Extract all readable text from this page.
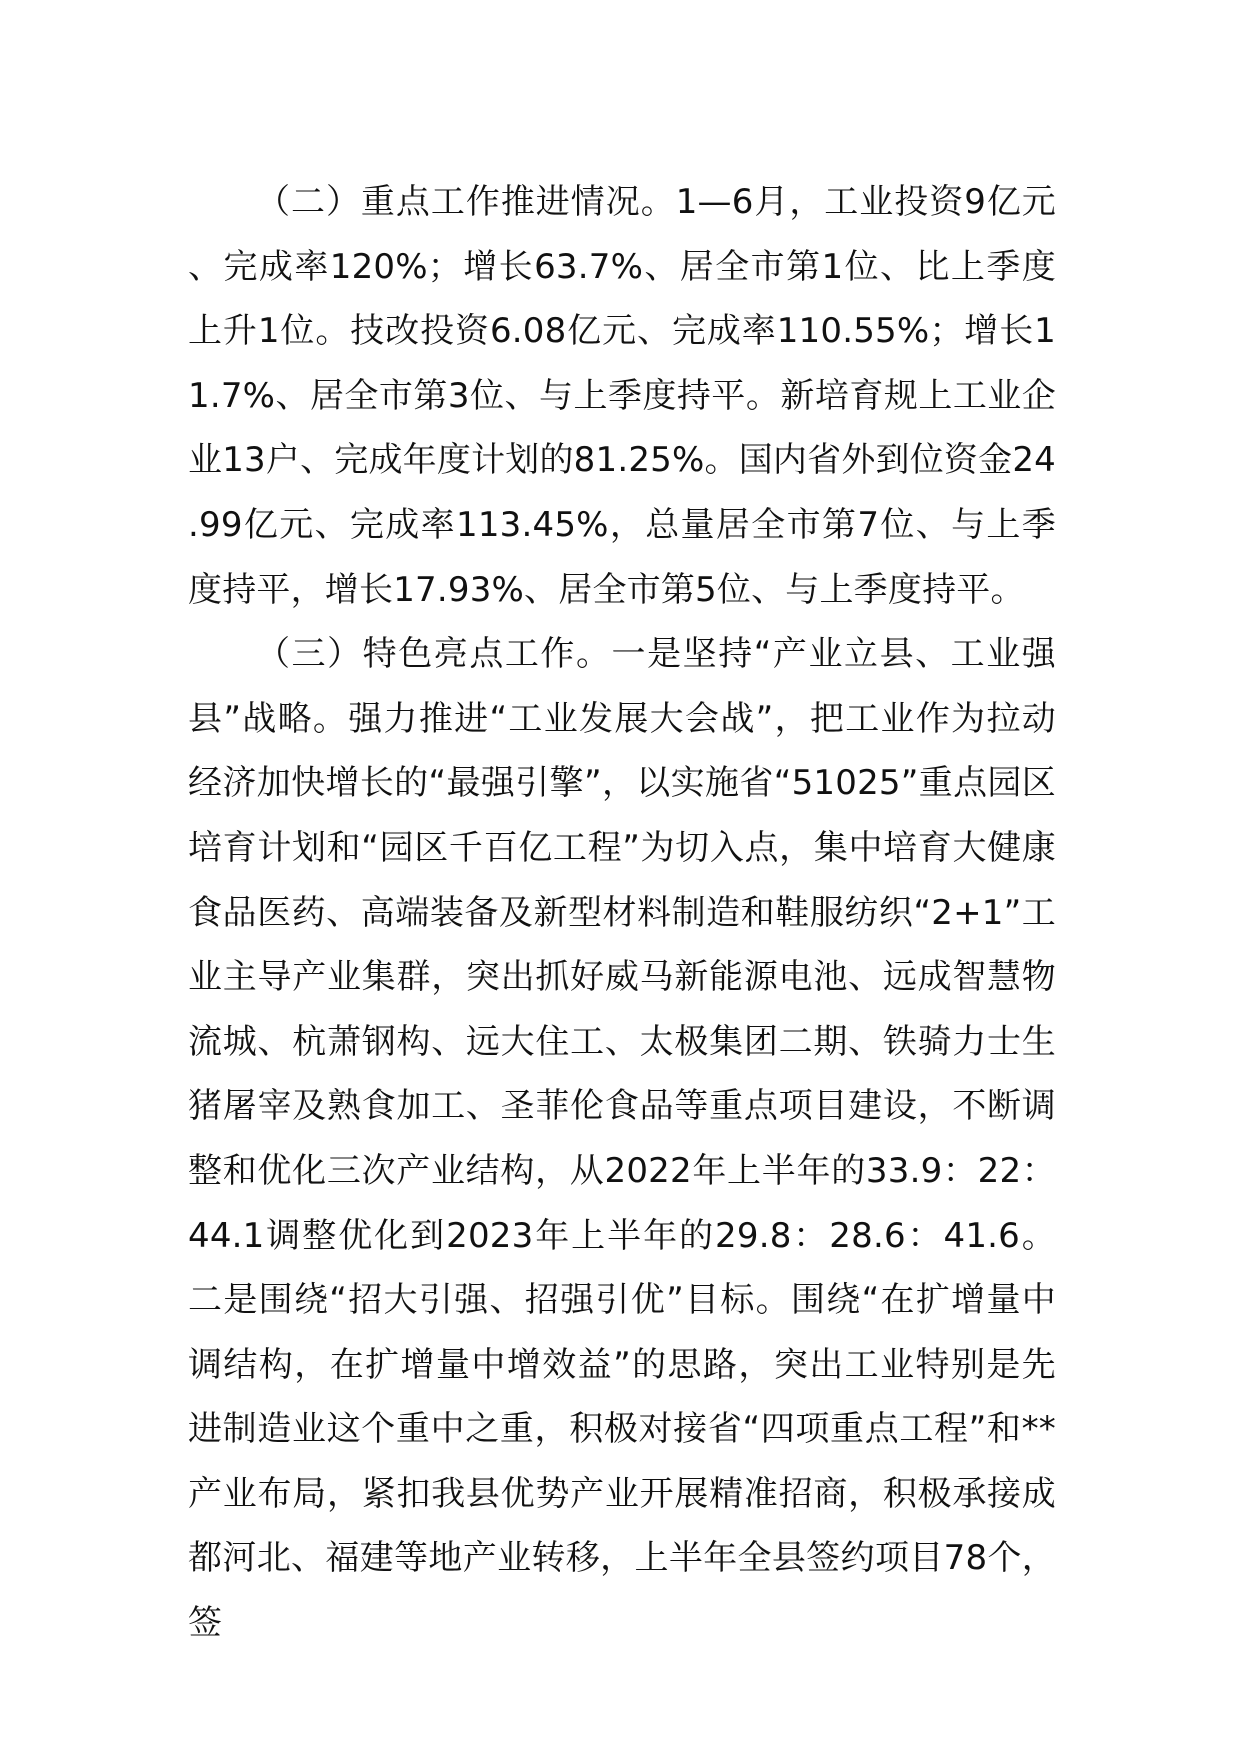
（二）重点工作推进情况。1—6月，工业投资9亿元、完成率120%；增长63.7%、居全市第1位、比上季度上升1位。技改投资6.08亿元、完成率110.55%；增长11.7%、居全市第3位、与上季度持平。新培育规上工业企业13户、完成年度计划的81.25%。国内省外到位资金24.99亿元、完成率113.45%，总量居全市第7位、与上季度持平，增长17.93%、居全市第5位、与上季度持平。

（三）特色亮点工作。一是坚持“产业立县、工业强县”战略。强力推进“工业发展大会战”，把工业作为拉动经济加快增长的“最强引擎”，以实施省“51025”重点园区培育计划和“园区千百亿工程”为切入点，集中培育大健康食品医药、高端装备及新型材料制造和鞋服纺织“2+1”工业主导产业集群，突出抓好威马新能源电池、远成智慧物流城、杭萧钢构、远大住工、太极集团二期、铁骑力士生猪屠宰及熟食加工、圣菲伦食品等重点项目建设，不断调整和优化三次产业结构，从2022年上半年的33.9：22：44.1调整优化到2023年上半年的29.8：28.6：41.6。二是围绕“招大引强、招强引优”目标。围绕“在扩增量中调结构，在扩增量中增效益”的思路，突出工业特别是先进制造业这个重中之重，积极对接省“四项重点工程”和**产业布局，紧扣我县优势产业开展精准招商，积极承接成都河北、福建等地产业转移，上半年全县签约项目78个，签
